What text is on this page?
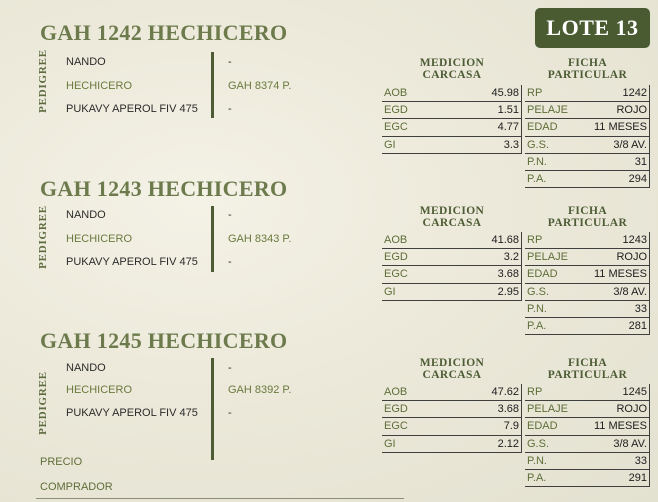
LOTE 13
GAH 1242 HECHICERO
PEDIGREE NANDO	-
HECHICERO	GAH 8374 P.
PUKAVY APEROL FIV 475	-
MEDICION
CARCASA
FICHA
PARTICULAR
AOB	45.98
EGD	1.51
EGC	4.77
GI	3.3
RP	1242
PELAJE	ROJO
EDAD	11 MESES
G.S.	3/8 AV.
P.N.	31
P.A.	294
GAH 1243 HECHICERO
PEDIGREE NANDO	-
HECHICERO	GAH 8343 P.
PUKAVY APEROL FIV 475	-
MEDICION
CARCASA
FICHA
PARTICULAR
AOB	41.68
EGD	3.2
EGC	3.68
GI	2.95
RP	1243
PELAJE	ROJO
EDAD	11 MESES
G.S.	3/8 AV.
P.N.	33
P.A.	281
GAH 1245 HECHICERO
PEDIGREE
NANDO	-
HECHICERO	GAH 8392 P.
PUKAVY APEROL FIV 475	-
MEDICION
CARCASA
FICHA
PARTICULAR
AOB	47.62
EGD	3.68
EGC	7.9
GI	2.12
RP	1245
PELAJE	ROJO
EDAD	11 MESES
G.S.	3/8 AV.
P.N.	33
P.A.	291
PRECIO
COMPRADOR
